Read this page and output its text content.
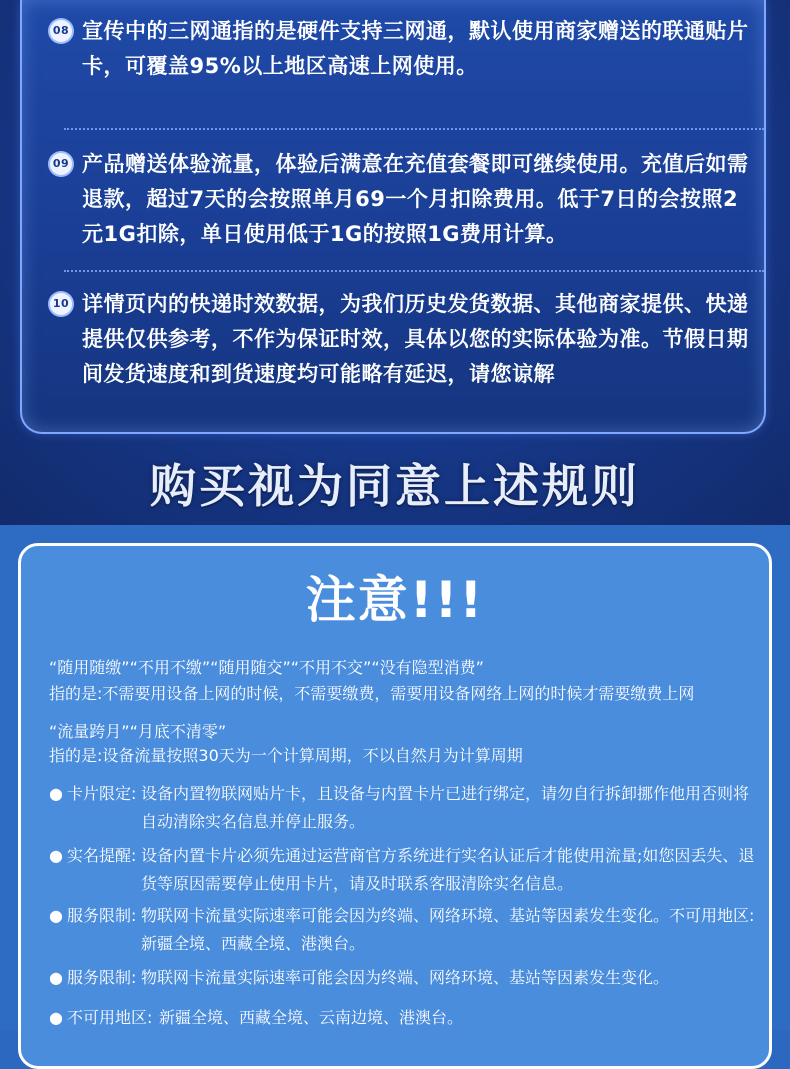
08 宣传中的三网通指的是硬件支持三网通，默认使用商家赠送的联通贴片卡，可覆盖95%以上地区高速上网使用。
09 产品赠送体验流量，体验后满意在充值套餐即可继续使用。充值后如需退款，超过7天的会按照单月69一个月扣除费用。低于7日的会按照2元1G扣除，单日使用低于1G的按照1G费用计算。
10 详情页内的快递时效数据，为我们历史发货数据、其他商家提供、快递提供仅供参考，不作为保证时效，具体以您的实际体验为准。节假日期间发货速度和到货速度均可能略有延迟，请您谅解
购买视为同意上述规则
注意!!!
“随用随缴”“不用不缴”“随用随交”“不用不交”“没有隐型消费”
指的是:不需要用设备上网的时候，不需要缴费，需要用设备网络上网的时候才需要缴费上网
“流量跨月”“月底不清零”
指的是:设备流量按照30天为一个计算周期，不以自然月为计算周期
● 卡片限定: 设备内置物联网贴片卡，且设备与内置卡片已进行绑定，请勿自行拆卸挪作他用否则将自动清除实名信息并停止服务。
● 实名提醒: 设备内置卡片必须先通过运营商官方系统进行实名认证后才能使用流量;如您因丢失、退货等原因需要停止使用卡片，请及时联系客服清除实名信息。
● 服务限制: 物联网卡流量实际速率可能会因为终端、网络环境、基站等因素发生变化。不可用地区:新疆全境、西藏全境、港澳台。
● 服务限制: 物联网卡流量实际速率可能会因为终端、网络环境、基站等因素发生变化。
● 不可用地区: 新疆全境、西藏全境、云南边境、港澳台。
